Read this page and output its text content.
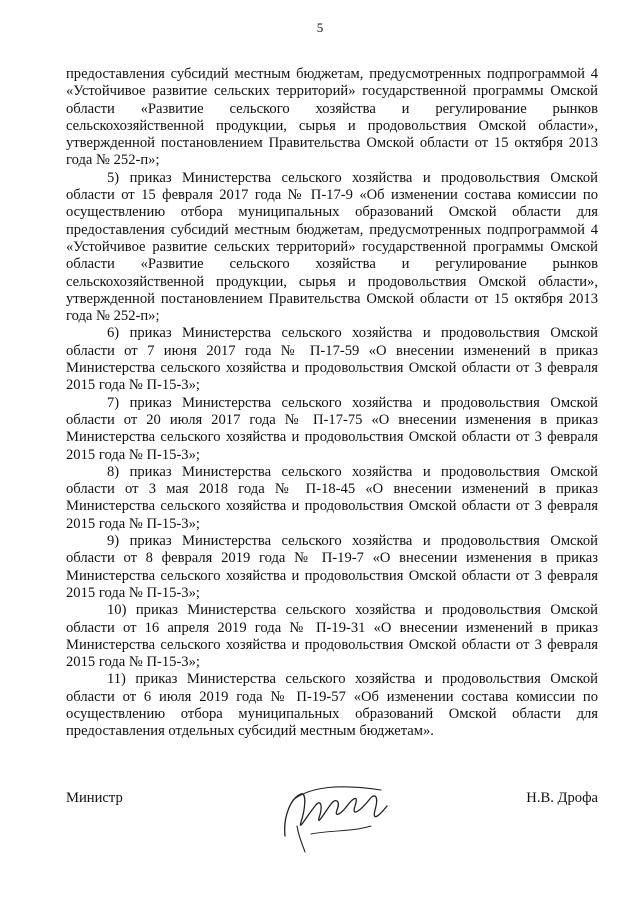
5

предоставления субсидий местным бюджетам, предусмотренных подпрограммой 4 «Устойчивое развитие сельских территорий» государственной программы Омской области «Развитие сельского хозяйства и регулирование рынков сельскохозяйственной продукции, сырья и продовольствия Омской области», утвержденной постановлением Правительства Омской области от 15 октября 2013 года № 252-п»;

5) приказ Министерства сельского хозяйства и продовольствия Омской области от 15 февраля 2017 года № П-17-9 «Об изменении состава комиссии по осуществлению отбора муниципальных образований Омской области для предоставления субсидий местным бюджетам, предусмотренных подпрограммой 4 «Устойчивое развитие сельских территорий» государственной программы Омской области «Развитие сельского хозяйства и регулирование рынков сельскохозяйственной продукции, сырья и продовольствия Омской области», утвержденной постановлением Правительства Омской области от 15 октября 2013 года № 252-п»;

6) приказ Министерства сельского хозяйства и продовольствия Омской области от 7 июня 2017 года № П-17-59 «О внесении изменений в приказ Министерства сельского хозяйства и продовольствия Омской области от 3 февраля 2015 года № П-15-3»;

7) приказ Министерства сельского хозяйства и продовольствия Омской области от 20 июля 2017 года № П-17-75 «О внесении изменения в приказ Министерства сельского хозяйства и продовольствия Омской области от 3 февраля 2015 года № П-15-3»;

8) приказ Министерства сельского хозяйства и продовольствия Омской области от 3 мая 2018 года № П-18-45 «О внесении изменений в приказ Министерства сельского хозяйства и продовольствия Омской области от 3 февраля 2015 года № П-15-3»;

9) приказ Министерства сельского хозяйства и продовольствия Омской области от 8 февраля 2019 года № П-19-7 «О внесении изменения в приказ Министерства сельского хозяйства и продовольствия Омской области от 3 февраля 2015 года № П-15-3»;

10) приказ Министерства сельского хозяйства и продовольствия Омской области от 16 апреля 2019 года № П-19-31 «О внесении изменений в приказ Министерства сельского хозяйства и продовольствия Омской области от 3 февраля 2015 года № П-15-3»;

11) приказ Министерства сельского хозяйства и продовольствия Омской области от 6 июля 2019 года № П-19-57 «Об изменении состава комиссии по осуществлению отбора муниципальных образований Омской области для предоставления отдельных субсидий местным бюджетам».

Министр	Н.В. Дрофа
